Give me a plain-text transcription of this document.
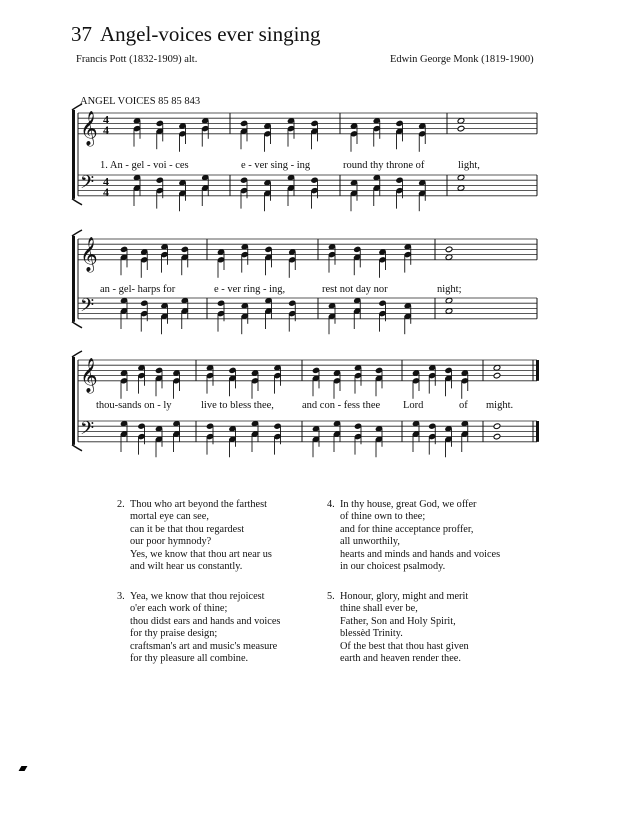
37 Angel-voices ever singing
Francis Pott (1832-1909) alt.	Edwin George Monk (1819-1900)
ANGEL VOICES 85 85 843
𝄞
𝄢
4
4
4
4
𝄞
𝄢
𝄞
𝄢
1. An - gel - voi - ces	e - ver sing - ing	round thy throne of	light,
an - gel- harps for	e - ver ring - ing,	rest not day nor	night;
thou-sands on - ly	live to bless thee,	and con - fess thee Lord	of might.
2. Thou who art beyond the farthest
mortal eye can see,
can it be that thou regardest
our poor hymnody?
Yes, we know that thou art near us
and wilt hear us constantly.
3. Yea, we know that thou rejoicest
o'er each work of thine;
thou didst ears and hands and voices
for thy praise design;
craftsman's art and music's measure
for thy pleasure all combine.
4. In thy house, great God, we offer
of thine own to thee;
and for thine acceptance proffer,
all unworthily,
hearts and minds and hands and voices
in our choicest psalmody.
5. Honour, glory, might and merit
thine shall ever be,
Father, Son and Holy Spirit,
blessèd Trinity.
Of the best that thou hast given
earth and heaven render thee.
